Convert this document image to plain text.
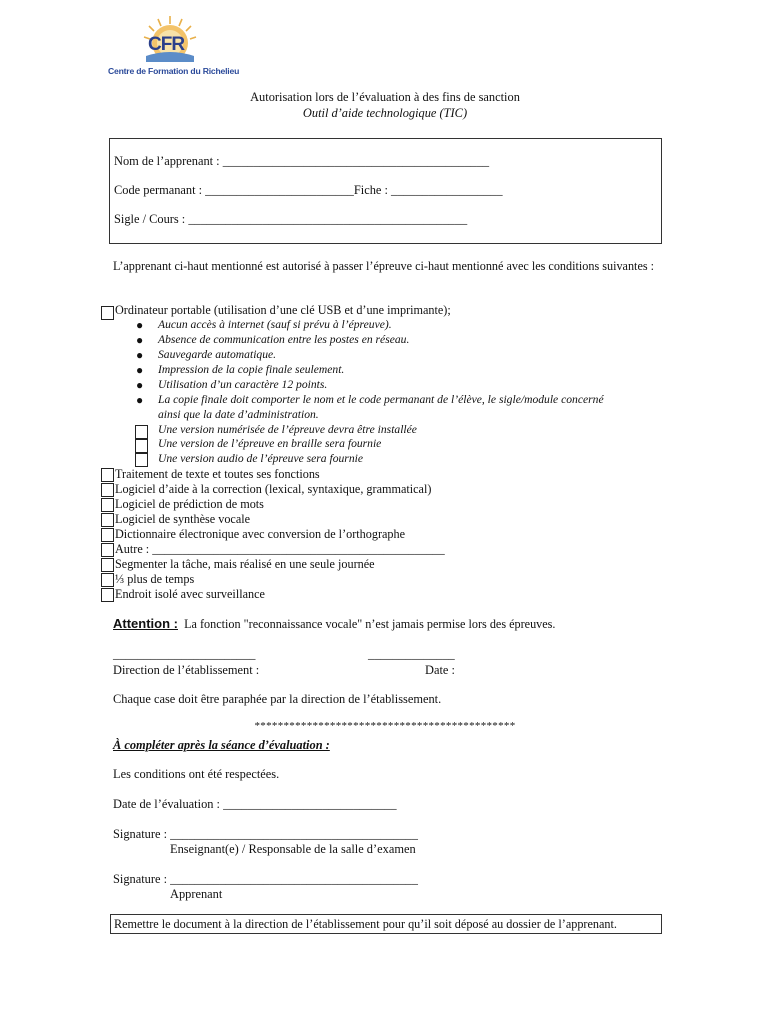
CFR
Centre de Formation du Richelieu
Autorisation lors de l’évaluation à des fins de sanction
Outil d’aide technologique (TIC)
Nom de l’apprenant : ___________________________________________
Code permanant : ________________________Fiche : __________________
Sigle / Cours : _____________________________________________
L’apprenant ci-haut mentionné est autorisé à passer l’épreuve ci-haut mentionné avec les conditions suivantes :
Ordinateur portable (utilisation d’une clé USB et d’une imprimante);
● Aucun accès à internet (sauf si prévu à l’épreuve).
● Absence de communication entre les postes en réseau.
● Sauvegarde automatique.
● Impression de la copie finale seulement.
● Utilisation d’un caractère 12 points.
● La copie finale doit comporter le nom et le code permanant de l’élève, le sigle/module concerné
ainsi que la date d’administration.
Une version numérisée de l’épreuve devra être installée
Une version de l’épreuve en braille sera fournie
Une version audio de l’épreuve sera fournie
Traitement de texte et toutes ses fonctions
Logiciel d’aide à la correction (lexical, syntaxique, grammatical)
Logiciel de prédiction de mots
Logiciel de synthèse vocale
Dictionnaire électronique avec conversion de l’orthographe
Autre : ________________________________________________
Segmenter la tâche, mais réalisé en une seule journée
⅓ plus de temps
Endroit isolé avec surveillance
Attention : La fonction "reconnaissance vocale" n’est jamais permise lors des épreuves.
_______________________	______________
Direction de l’établissement :	Date :
Chaque case doit être paraphée par la direction de l’établissement.
*********************************************
À compléter après la séance d’évaluation :
Les conditions ont été respectées.
Date de l’évaluation : ____________________________
Signature : ________________________________________
Enseignant(e) / Responsable de la salle d’examen
Signature : ________________________________________
Apprenant
Remettre le document à la direction de l’établissement pour qu’il soit déposé au dossier de l’apprenant.
